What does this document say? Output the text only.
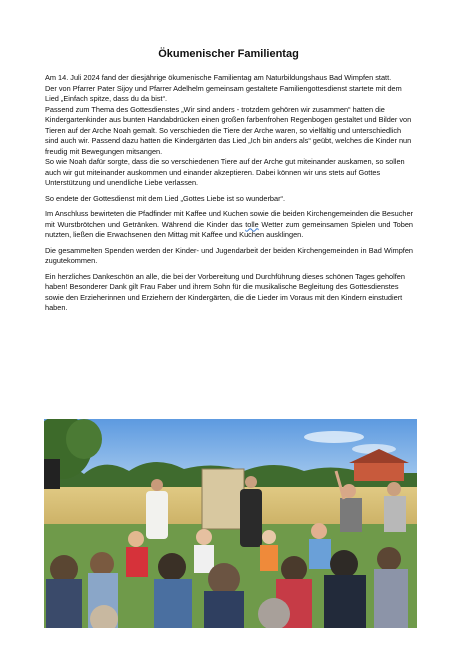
Ökumenischer Familientag

Am 14. Juli 2024 fand der diesjährige ökumenische Familientag am Naturbildungshaus Bad Wimpfen statt.

Der von Pfarrer Pater Sijoy und Pfarrer Adelhelm gemeinsam gestaltete Familiengottesdienst startete mit dem Lied „Einfach spitze, dass du da bist“.

Passend zum Thema des Gottesdienstes „Wir sind anders - trotzdem gehören wir zusammen“ hatten die Kindergartenkinder aus bunten Handabdrücken einen großen farbenfrohen Regenbogen gestaltet und Bilder von Tieren auf der Arche Noah gemalt. So verschieden die Tiere der Arche waren, so vielfältig und unterschiedlich sind auch wir. Passend dazu hatten die Kindergärten das Lied „Ich bin anders als“ geübt, welches die Kinder nun freudig mit Bewegungen mitsangen.

So wie Noah dafür sorgte, dass die so verschiedenen Tiere auf der Arche gut miteinander auskamen, so sollen auch wir gut miteinander auskommen und einander akzeptieren. Dabei können wir uns stets auf Gottes Unterstützung und unendliche Liebe verlassen.

So endete der Gottesdienst mit dem Lied „Gottes Liebe ist so wunderbar“.

Im Anschluss bewirteten die Pfadfinder mit Kaffee und Kuchen sowie die beiden Kirchengemeinden die Besucher mit Wurstbrötchen und Getränken. Während die Kinder das tolle Wetter zum gemeinsamen Spielen und Toben nutzten, ließen die Erwachsenen den Mittag mit Kaffee und Kuchen ausklingen.

Die gesammelten Spenden werden der Kinder- und Jugendarbeit der beiden Kirchengemeinden in Bad Wimpfen zugutekommen.

Ein herzliches Dankeschön an alle, die bei der Vorbereitung und Durchführung dieses schönen Tages geholfen haben! Besonderer Dank gilt Frau Faber und ihrem Sohn für die musikalische Begleitung des Gottesdienstes sowie den Erzieherinnen und Erziehern der Kindergärten, die die Lieder im Voraus mit den Kindern einstudiert haben.
